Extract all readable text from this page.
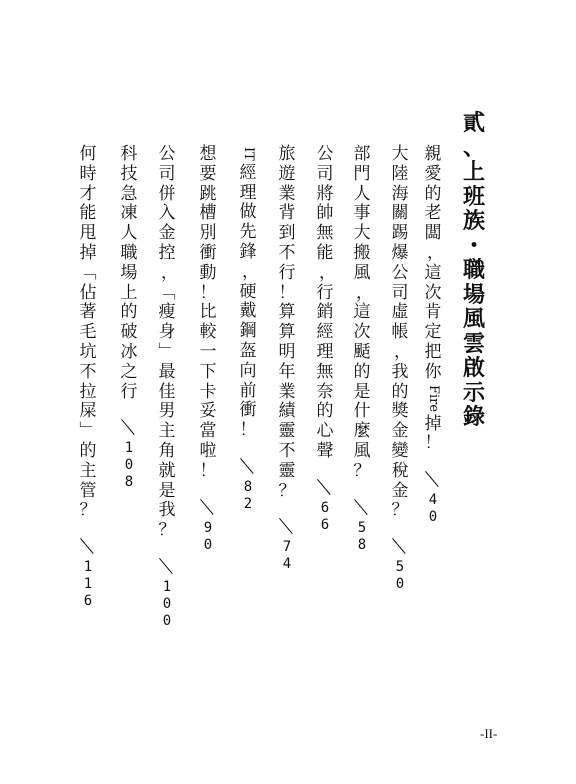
貳
、
上
班
族
・
職
場
風
雲
啟
示
錄
親
愛
的
老
闆
，
這
次
肯
定
把
你
Fire
掉
！
4
0
大
陸
海
關
踢
爆
公
司
虛
帳
，
我
的
獎
金
變
稅
金
？
5
0
部
門
人
事
大
搬
風
，
這
次
颳
的
是
什
麼
風
？
5
8
公
司
將
帥
無
能
，
行
銷
經
理
無
奈
的
心
聲
6
6
旅
遊
業
背
到
不
行
！
算
算
明
年
業
績
靈
不
靈
？
7
4
IT
經
理
做
先
鋒
，
硬
戴
鋼
盔
向
前
衝
！
8
2
想
要
跳
槽
別
衝
動
！
比
較
一
下
卡
妥
當
啦
！
9
0
公
司
併
入
金
控
，
﹁
瘦
身
﹂
最
佳
男
主
角
就
是
我
？
1
0
0
科
技
急
凍
人
職
場
上
的
破
冰
之
行
1
0
8
何
時
才
能
甩
掉
﹁
佔
著
毛
坑
不
拉
屎
﹂
的
主
管
？
1
1
6
-II-
